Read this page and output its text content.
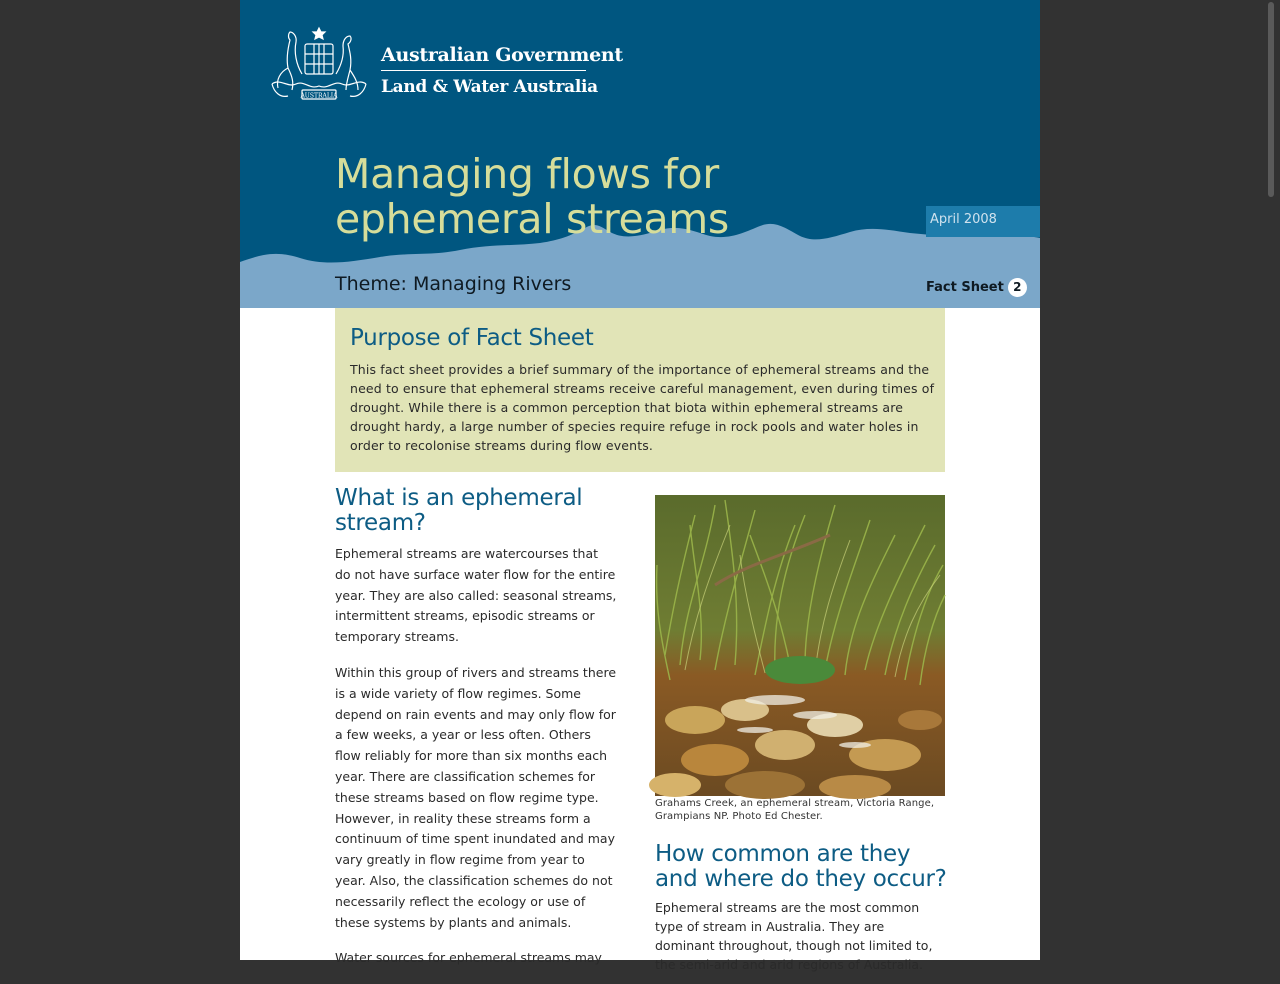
AUSTRALIA
Australian Government
Land & Water Australia
Managing flows for ephemeral streams	April 2008
Theme: Managing Rivers	Fact Sheet 2
Purpose of Fact Sheet

This fact sheet provides a brief summary of the importance of ephemeral streams and the need to ensure that ephemeral streams receive careful management, even during times of drought. While there is a common perception that biota within ephemeral streams are drought hardy, a large number of species require refuge in rock pools and water holes in order to recolonise streams during flow events.

What is an ephemeral stream?

Ephemeral streams are watercourses that do not have surface water flow for the entire year. They are also called: seasonal streams, intermittent streams, episodic streams or temporary streams.

Within this group of rivers and streams there is a wide variety of flow regimes. Some depend on rain events and may only flow for a few weeks, a year or less often. Others flow reliably for more than six months each year. There are classification schemes for these streams based on flow regime type. However, in reality these streams form a continuum of time spent inundated and may vary greatly in flow regime from year to year. Also, the classification schemes do not necessarily reflect the ecology or use of these systems by plants and animals.

Water sources for ephemeral streams may

Grahams Creek, an ephemeral stream, Victoria Range, Grampians NP. Photo Ed Chester.
How common are they and where do they occur?

Ephemeral streams are the most common type of stream in Australia. They are dominant throughout, though not limited to, the semi-arid and arid regions of Australia.
